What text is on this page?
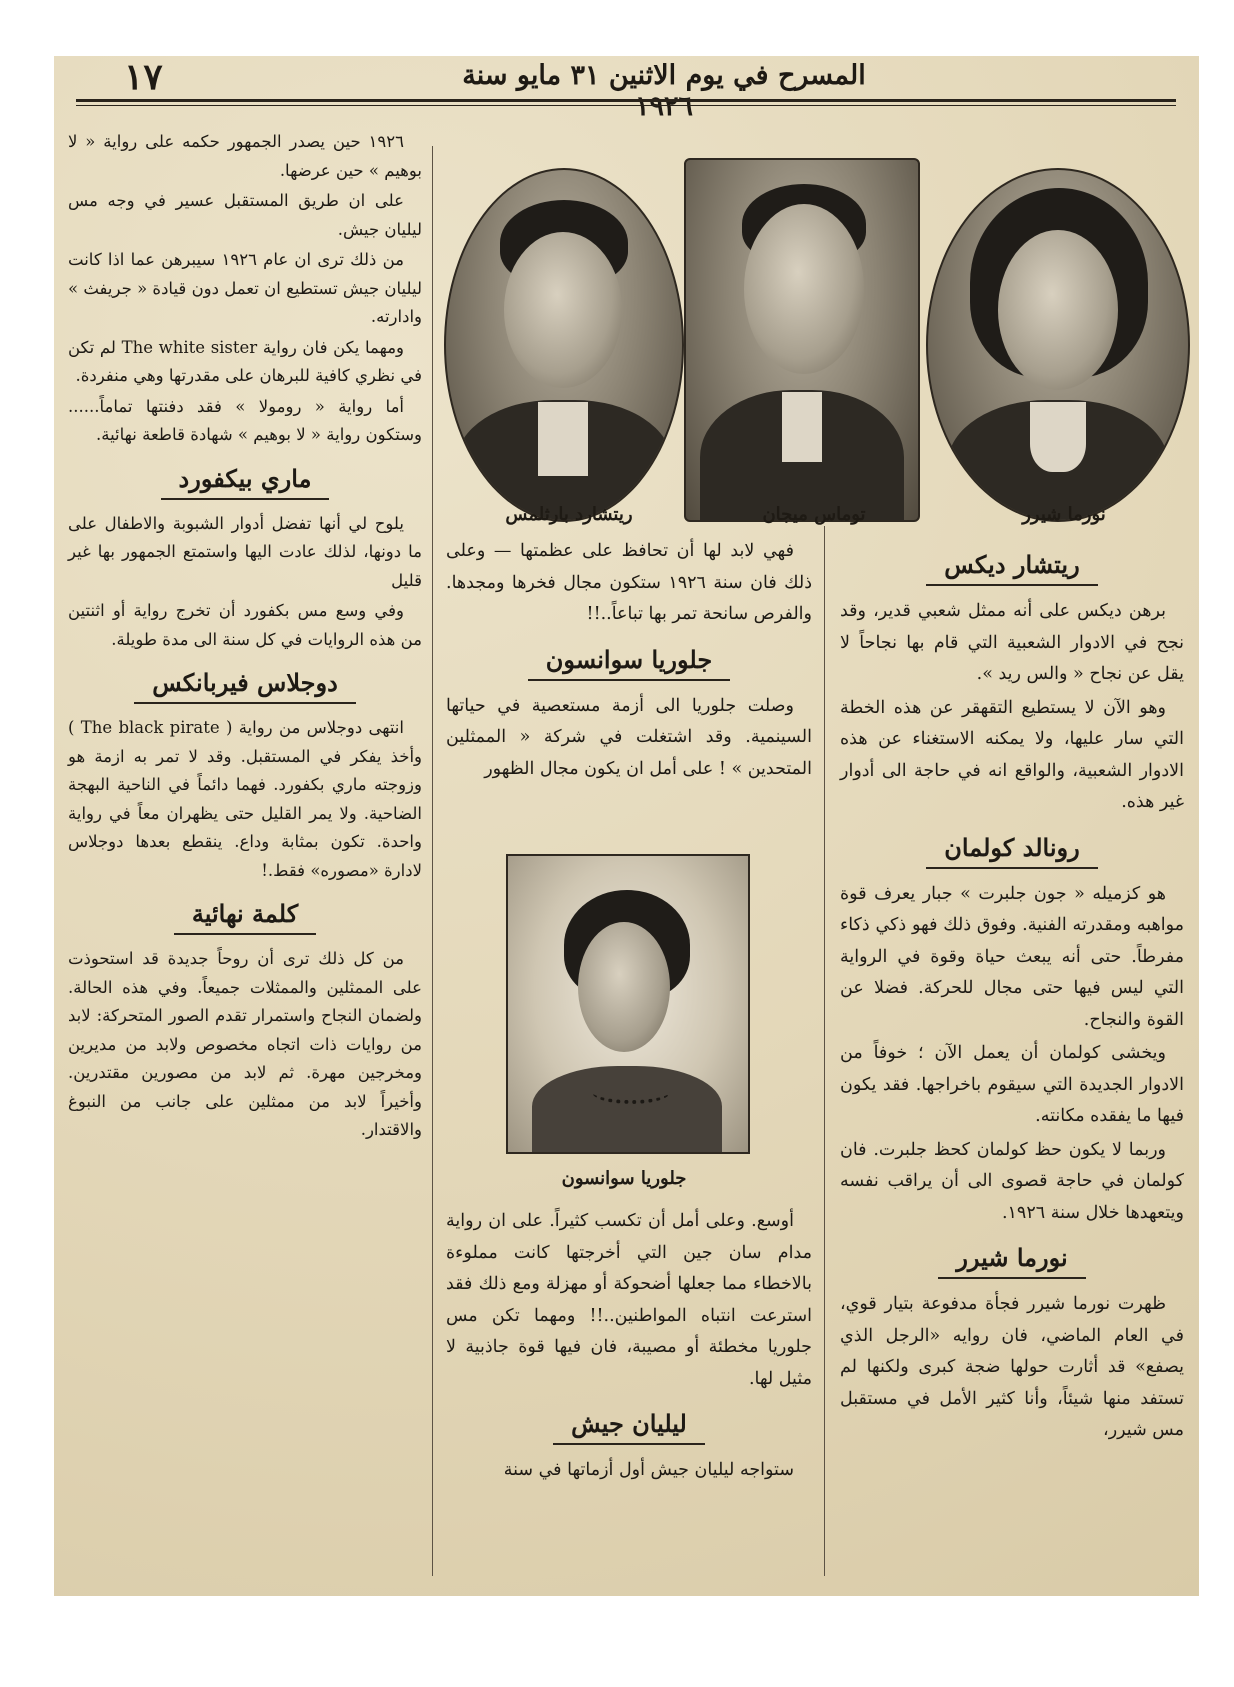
١٧	المسرح في يوم الاثنين ٣١ مايو سنة ١٩٢٦
نورما شيرر
توماس ميجان
ريتشارد بارثلمس
جلوريا سوانسون
ريتشار ديكس

برهن ديكس على أنه ممثل شعبي قدير، وقد نجح في الادوار الشعبية التي قام بها نجاحاً لا يقل عن نجاح « والس ريد ».

وهو الآن لا يستطيع التقهقر عن هذه الخطة التي سار عليها، ولا يمكنه الاستغناء عن هذه الادوار الشعبية، والواقع انه في حاجة الى أدوار غير هذه.

رونالد كولمان

هو كزميله « جون جلبرت » جبار يعرف قوة مواهبه ومقدرته الفنية. وفوق ذلك فهو ذكي ذكاء مفرطاً. حتى أنه يبعث حياة وقوة في الرواية التي ليس فيها حتى مجال للحركة. فضلا عن القوة والنجاح.

ويخشى كولمان أن يعمل الآن ؛ خوفاً من الادوار الجديدة التي سيقوم باخراجها. فقد يكون فيها ما يفقده مكانته.

وربما لا يكون حظ كولمان كحظ جلبرت. فان كولمان في حاجة قصوى الى أن يراقب نفسه ويتعهدها خلال سنة ١٩٢٦.

نورما شيرر

ظهرت نورما شيرر فجأة مدفوعة بتيار قوي، في العام الماضي، فان روايه «الرجل الذي يصفع» قد أثارت حولها ضجة كبرى ولكنها لم تستفد منها شيئاً، وأنا كثير الأمل في مستقبل مس شيرر،

فهي لابد لها أن تحافظ على عظمتها — وعلى ذلك فان سنة ١٩٢٦ ستكون مجال فخرها ومجدها. والفرص سانحة تمر بها تباعاً..!!

جلوريا سوانسون

وصلت جلوريا الى أزمة مستعصية في حياتها السينمية. وقد اشتغلت في شركة « الممثلين المتحدين » ! على أمل ان يكون مجال الظهور

أوسع. وعلى أمل أن تكسب كثيراً. على ان رواية مدام سان جين التي أخرجتها كانت مملوءة بالاخطاء مما جعلها أضحوكة أو مهزلة ومع ذلك فقد استرعت انتباه المواطنين..!! ومهما تكن مس جلوريا مخطئة أو مصيبة، فان فيها قوة جاذبية لا مثيل لها.

ليليان جيش

ستواجه ليليان جيش أول أزماتها في سنة

١٩٢٦ حين يصدر الجمهور حكمه على رواية « لا بوهيم » حين عرضها.

على ان طريق المستقبل عسير في وجه مس ليليان جيش.

من ذلك ترى ان عام ١٩٢٦ سيبرهن عما اذا كانت ليليان جيش تستطيع ان تعمل دون قيادة « جريفث » وادارته.

ومهما يكن فان رواية The white sister لم تكن في نظري كافية للبرهان على مقدرتها وهي منفردة.

أما رواية « رومولا » فقد دفنتها تماماً...... وستكون رواية « لا بوهيم » شهادة قاطعة نهائية.

ماري بيكفورد

يلوح لي أنها تفضل أدوار الشبوبة والاطفال على ما دونها، لذلك عادت اليها واستمتع الجمهور بها غير قليل

وفي وسع مس بكفورد أن تخرج رواية أو اثنتين من هذه الروايات في كل سنة الى مدة طويلة.

دوجلاس فيربانكس

انتهى دوجلاس من رواية ( The black pirate ) وأخذ يفكر في المستقبل. وقد لا تمر به ازمة هو وزوجته ماري بكفورد. فهما دائماً في الناحية البهجة الضاحية. ولا يمر القليل حتى يظهران معاً في رواية واحدة. تكون بمثابة وداع. ينقطع بعدها دوجلاس لادارة «مصوره» فقط.!

كلمة نهائية

من كل ذلك ترى أن روحاً جديدة قد استحوذت على الممثلين والممثلات جميعاً. وفي هذه الحالة. ولضمان النجاح واستمرار تقدم الصور المتحركة: لابد من روايات ذات اتجاه مخصوص ولابد من مديرين ومخرجين مهرة. ثم لابد من مصورين مقتدرين. وأخيراً لابد من ممثلين على جانب من النبوغ والاقتدار.
